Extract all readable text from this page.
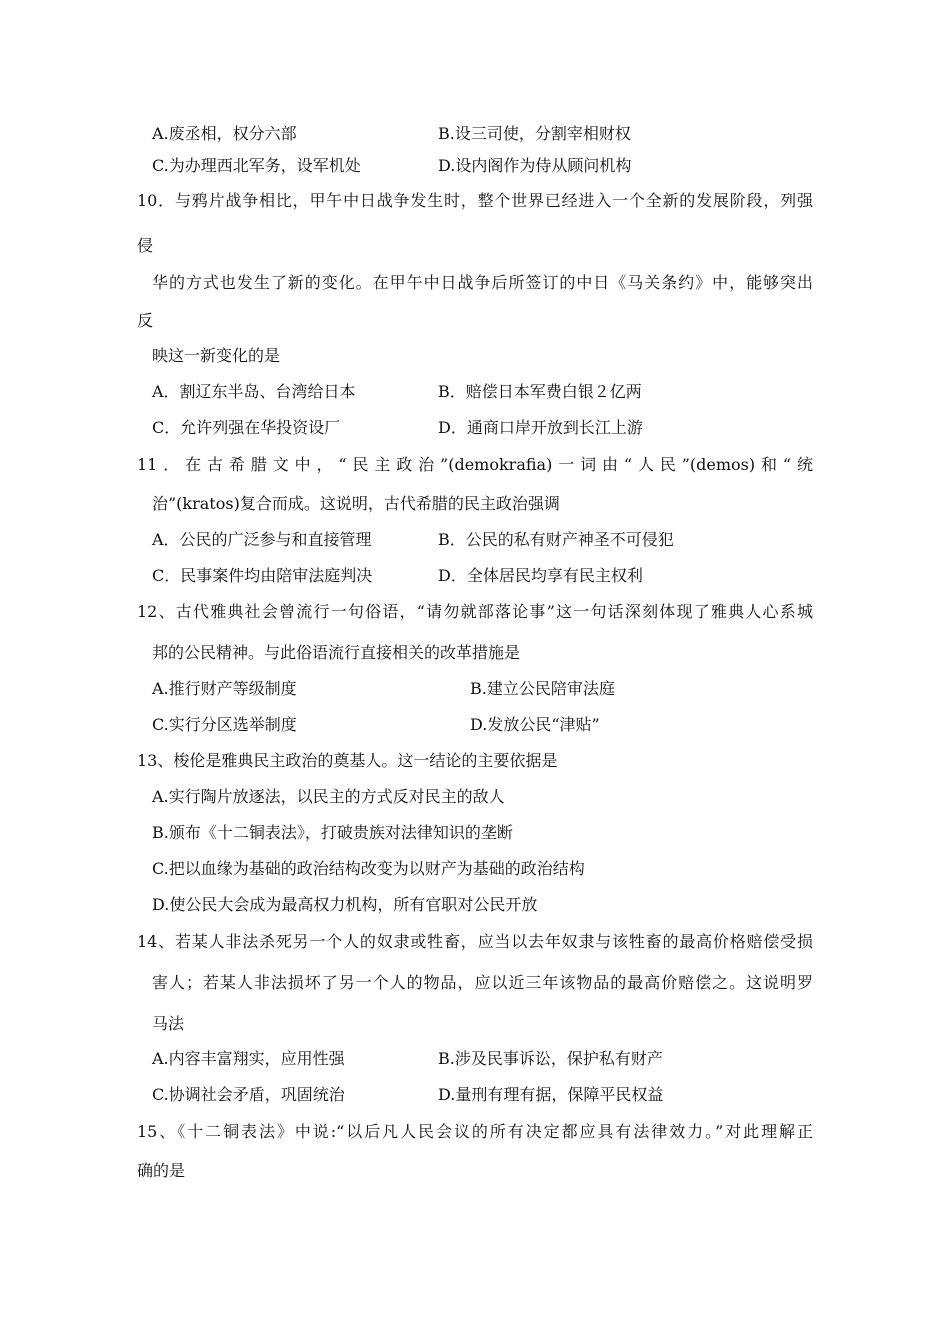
A.废丞相，权分六部	B.设三司使，分割宰相财权
C.为办理西北军务，设军机处	D.设内阁作为侍从顾问机构
10．与鸦片战争相比，甲午中日战争发生时，整个世界已经进入一个全新的发展阶段，列强
侵
华的方式也发生了新的变化。在甲午中日战争后所签订的中日《马关条约》中，能够突出
反
映这一新变化的是
A．割辽东半岛、台湾给日本	B．赔偿日本军费白银２亿两
C．允许列强在华投资设厂	D．通商口岸开放到长江上游
11．在古希腊文中，“民主政治”(demokrafia)一词由“人民”(demos)和“统
治”(kratos)复合而成。这说明，古代希腊的民主政治强调
A．公民的广泛参与和直接管理	B．公民的私有财产神圣不可侵犯
C．民事案件均由陪审法庭判决	D．全体居民均享有民主权利
12、古代雅典社会曾流行一句俗语，“请勿就部落论事”这一句话深刻体现了雅典人心系城
邦的公民精神。与此俗语流行直接相关的改革措施是
A.推行财产等级制度	B.建立公民陪审法庭
C.实行分区选举制度	D.发放公民“津贴”
13、梭伦是雅典民主政治的奠基人。这一结论的主要依据是
A.实行陶片放逐法，以民主的方式反对民主的敌人
B.颁布《十二铜表法》，打破贵族对法律知识的垄断
C.把以血缘为基础的政治结构改变为以财产为基础的政治结构
D.使公民大会成为最高权力机构，所有官职对公民开放
14、若某人非法杀死另一个人的奴隶或牲畜，应当以去年奴隶与该牲畜的最高价格赔偿受损
害人；若某人非法损坏了另一个人的物品，应以近三年该物品的最高价赔偿之。这说明罗
马法
A.内容丰富翔实，应用性强	B.涉及民事诉讼，保护私有财产
C.协调社会矛盾，巩固统治	D.量刑有理有据，保障平民权益
15、《十二铜表法》中说:“以后凡人民会议的所有决定都应具有法律效力。”对此理解正
确的是
